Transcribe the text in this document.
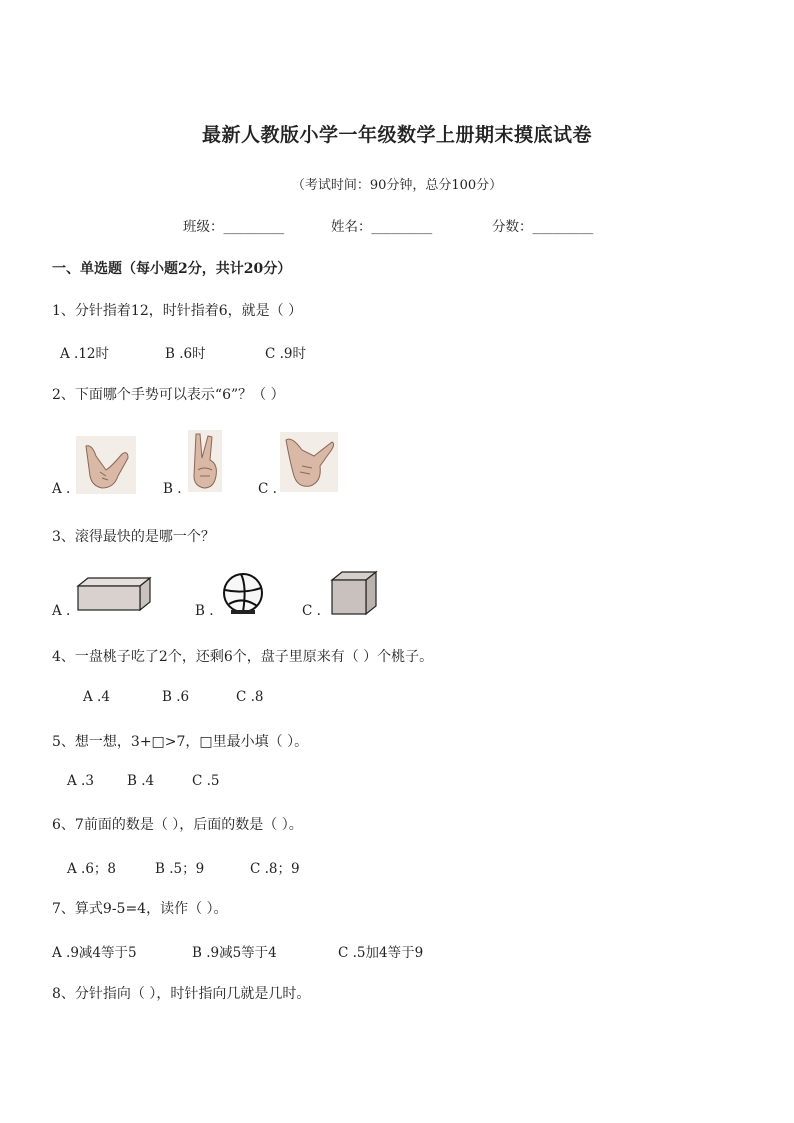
最新人教版小学一年级数学上册期末摸底试卷
（考试时间：90分钟，总分100分）
班级：_________	姓名：_________	分数：_________
一、单选题（每小题2分，共计20分）
1、分针指着12，时针指着6，就是（ ）
A .12时	B .6时	C .9时
2、下面哪个手势可以表示“6”？（ ）
A .	B .	C .
3、滚得最快的是哪一个？
A .	B .	C .
4、一盘桃子吃了2个，还剩6个，盘子里原来有（ ）个桃子。
A .4	B .6	C .8
5、想一想，3+□>7，□里最小填（ ）。
A .3 B .4	C .5
6、7前面的数是（ ），后面的数是（ ）。
A .6；8	B .5；9	C .8；9
7、算式9-5=4，读作（ ）。
A .9减4等于5	B .9减5等于4	C .5加4等于9
8、分针指向（ ），时针指向几就是几时。
